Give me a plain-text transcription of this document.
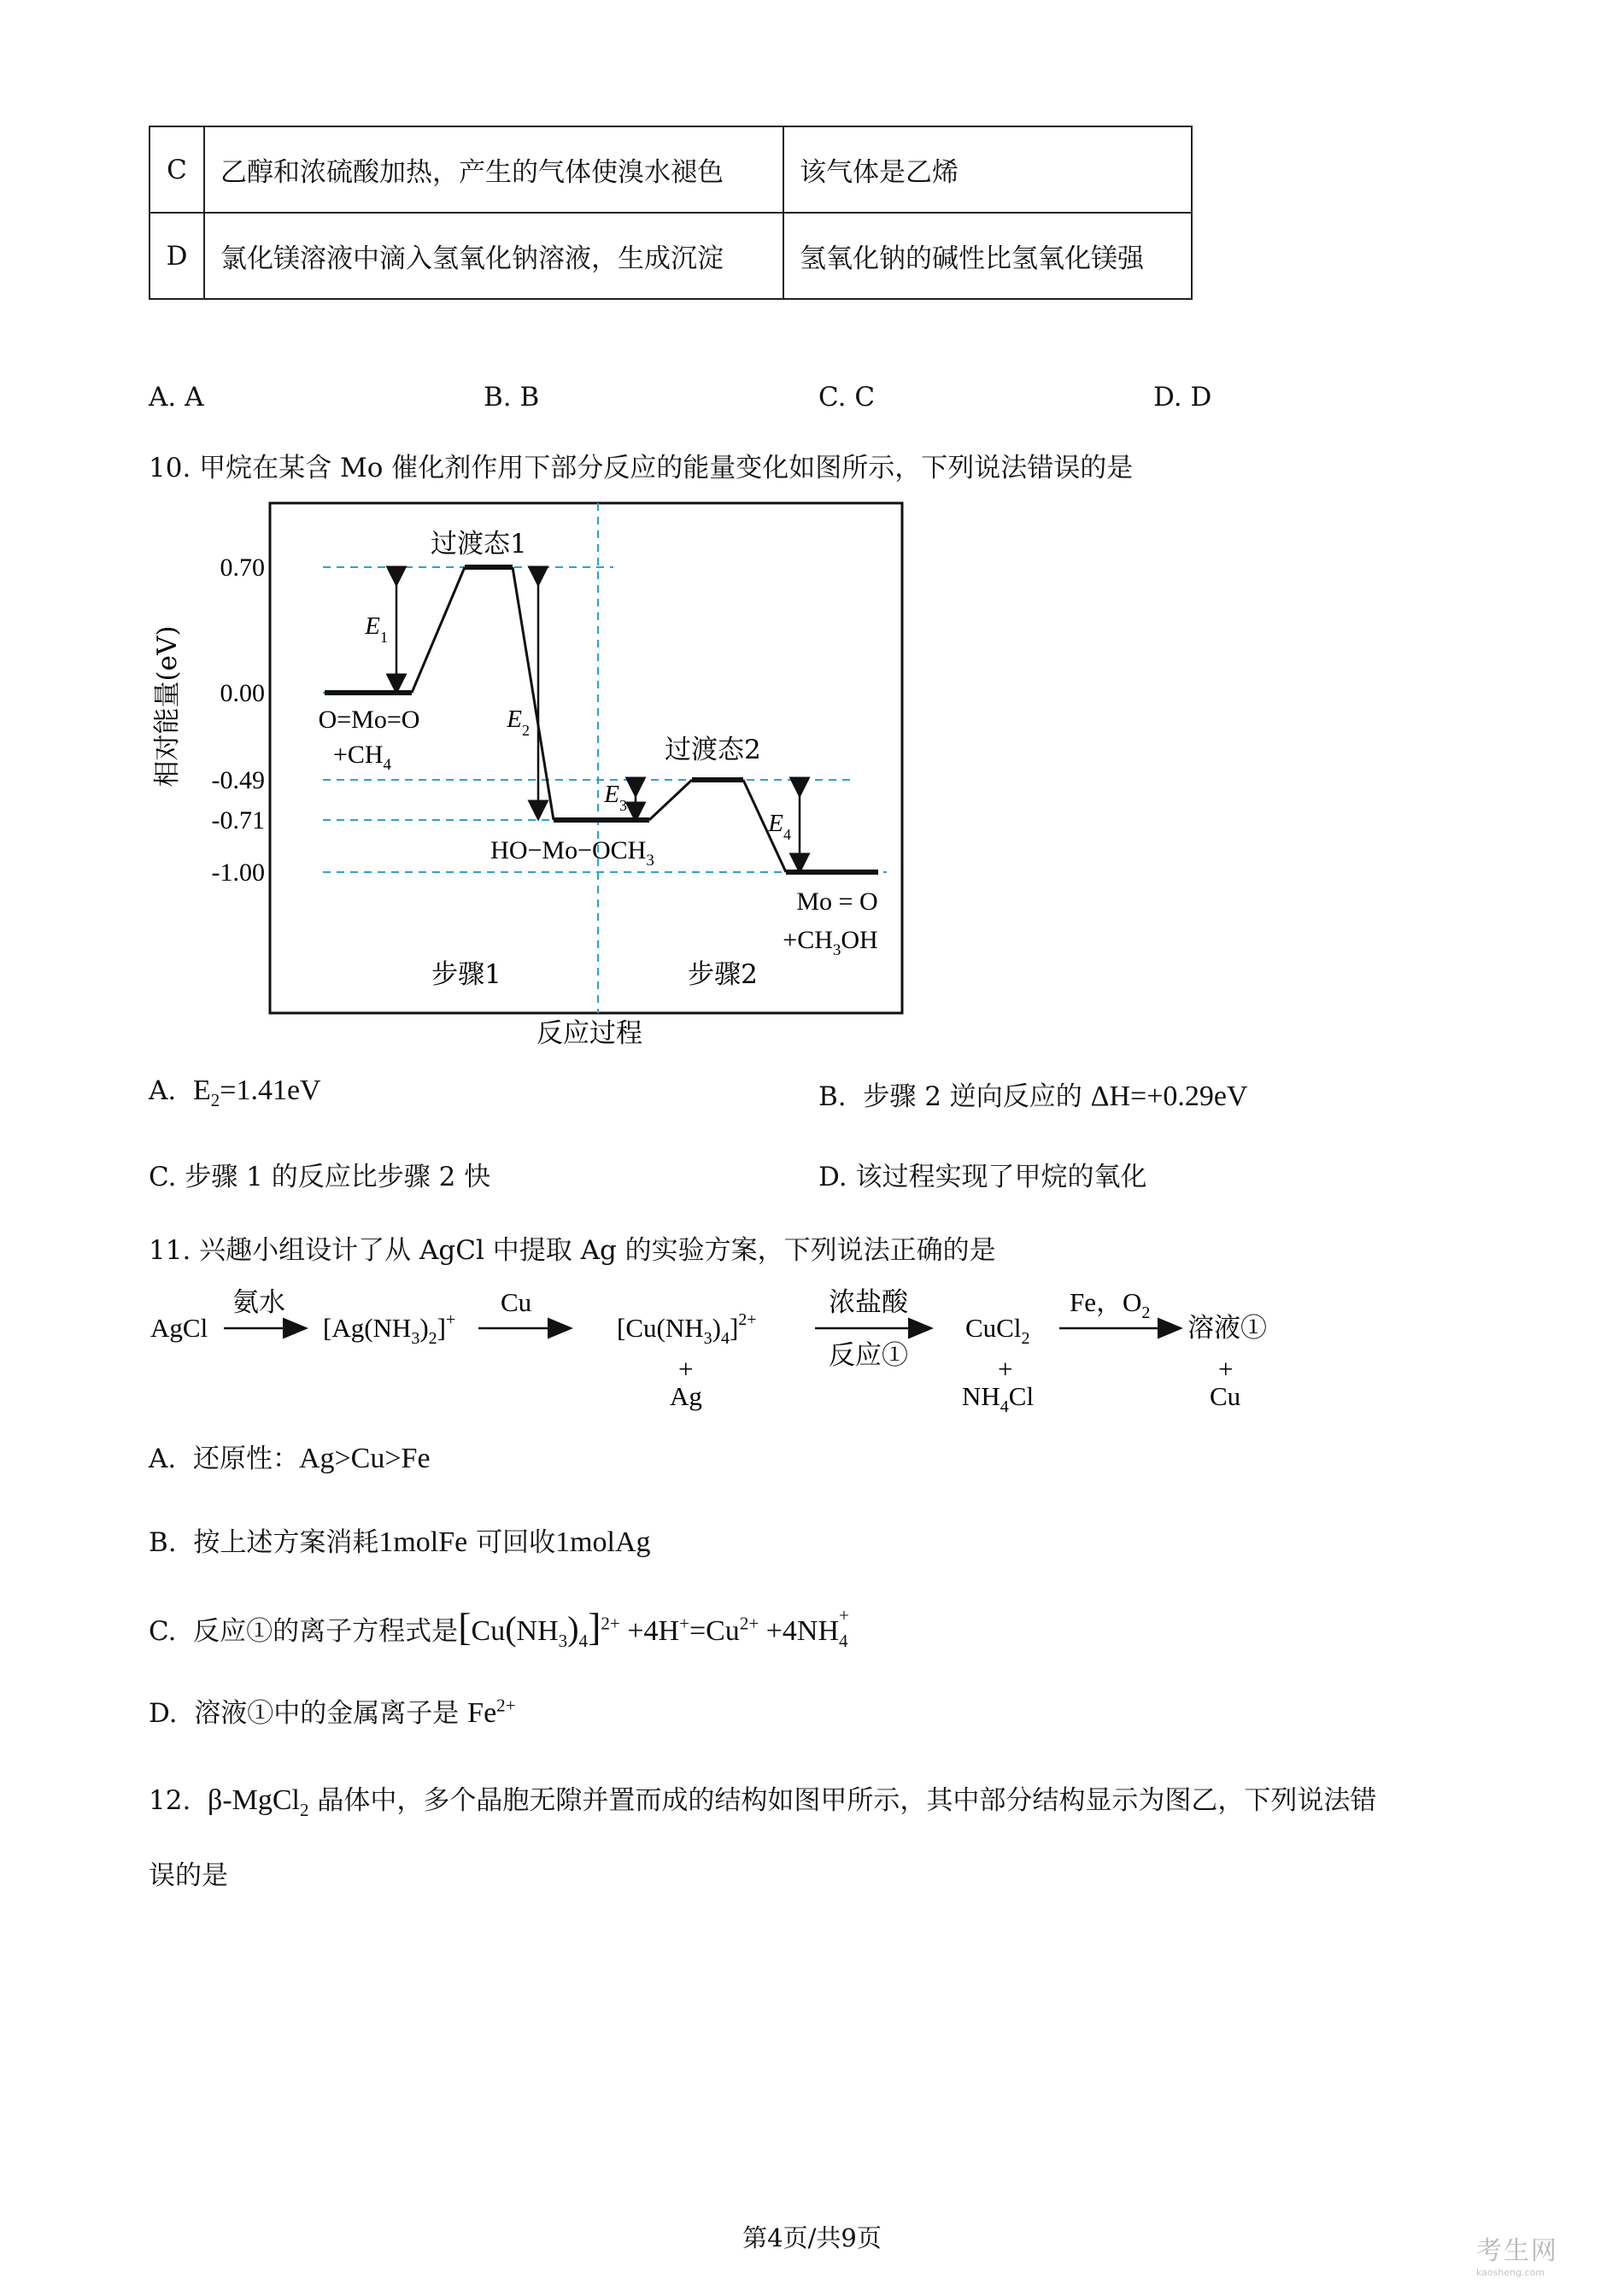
C	乙醇和浓硫酸加热，产生的气体使溴水褪色	该气体是乙烯
D	氯化镁溶液中滴入氢氧化钠溶液，生成沉淀	氢氧化钠的碱性比氢氧化镁强
A. A	B. B	C. C	D. D
10. 甲烷在某含 Mo 催化剂作用下部分反应的能量变化如图所示，下列说法错误的是
0.70
0.00
-0.49
-0.71
-1.00
相对能量(eV)	$E_1$
$E_2$
$E_3$
$E_4$
过渡态1
过渡态2
O=Mo=O
$+CH_4$
$HO-Mo-OCH_3$
Mo = O
$+CH_3OH$
步骤1	步骤2
反应过程
A.  $E_2=1.41eV$	B.  步骤 2 逆向反应的 ΔH=+0.29eV
C. 步骤 1 的反应比步骤 2 快	D. 该过程实现了甲烷的氧化
11. 兴趣小组设计了从 AgCl 中提取 Ag 的实验方案，下列说法正确的是
AgCl
氨水
$[Ag(NH_3)_2]^+$
Cu
$[Cu(NH_3)_4]^{2+}$
+
Ag
浓盐酸
反应①
CuCl$_2$
+
$NH_4Cl$
Fe，$O_2$ 溶液①
+
Cu
A.  还原性：Ag>Cu>Fe
B.  按上述方案消耗1molFe 可回收1molAg
C.  反应①的离子方程式是$[Cu(NH_3)_4]^{2+} +4H^+=Cu^{2+} +4NH$
$_{+ 4}$
D.  溶液①中的金属离子是 $Fe^{2+}$
12.  β-MgCl$_2$ 晶体中，多个晶胞无隙并置而成的结构如图甲所示，其中部分结构显示为图乙，下列说法错
误的是
第4页/共9页	考生网
kaosheng.com
